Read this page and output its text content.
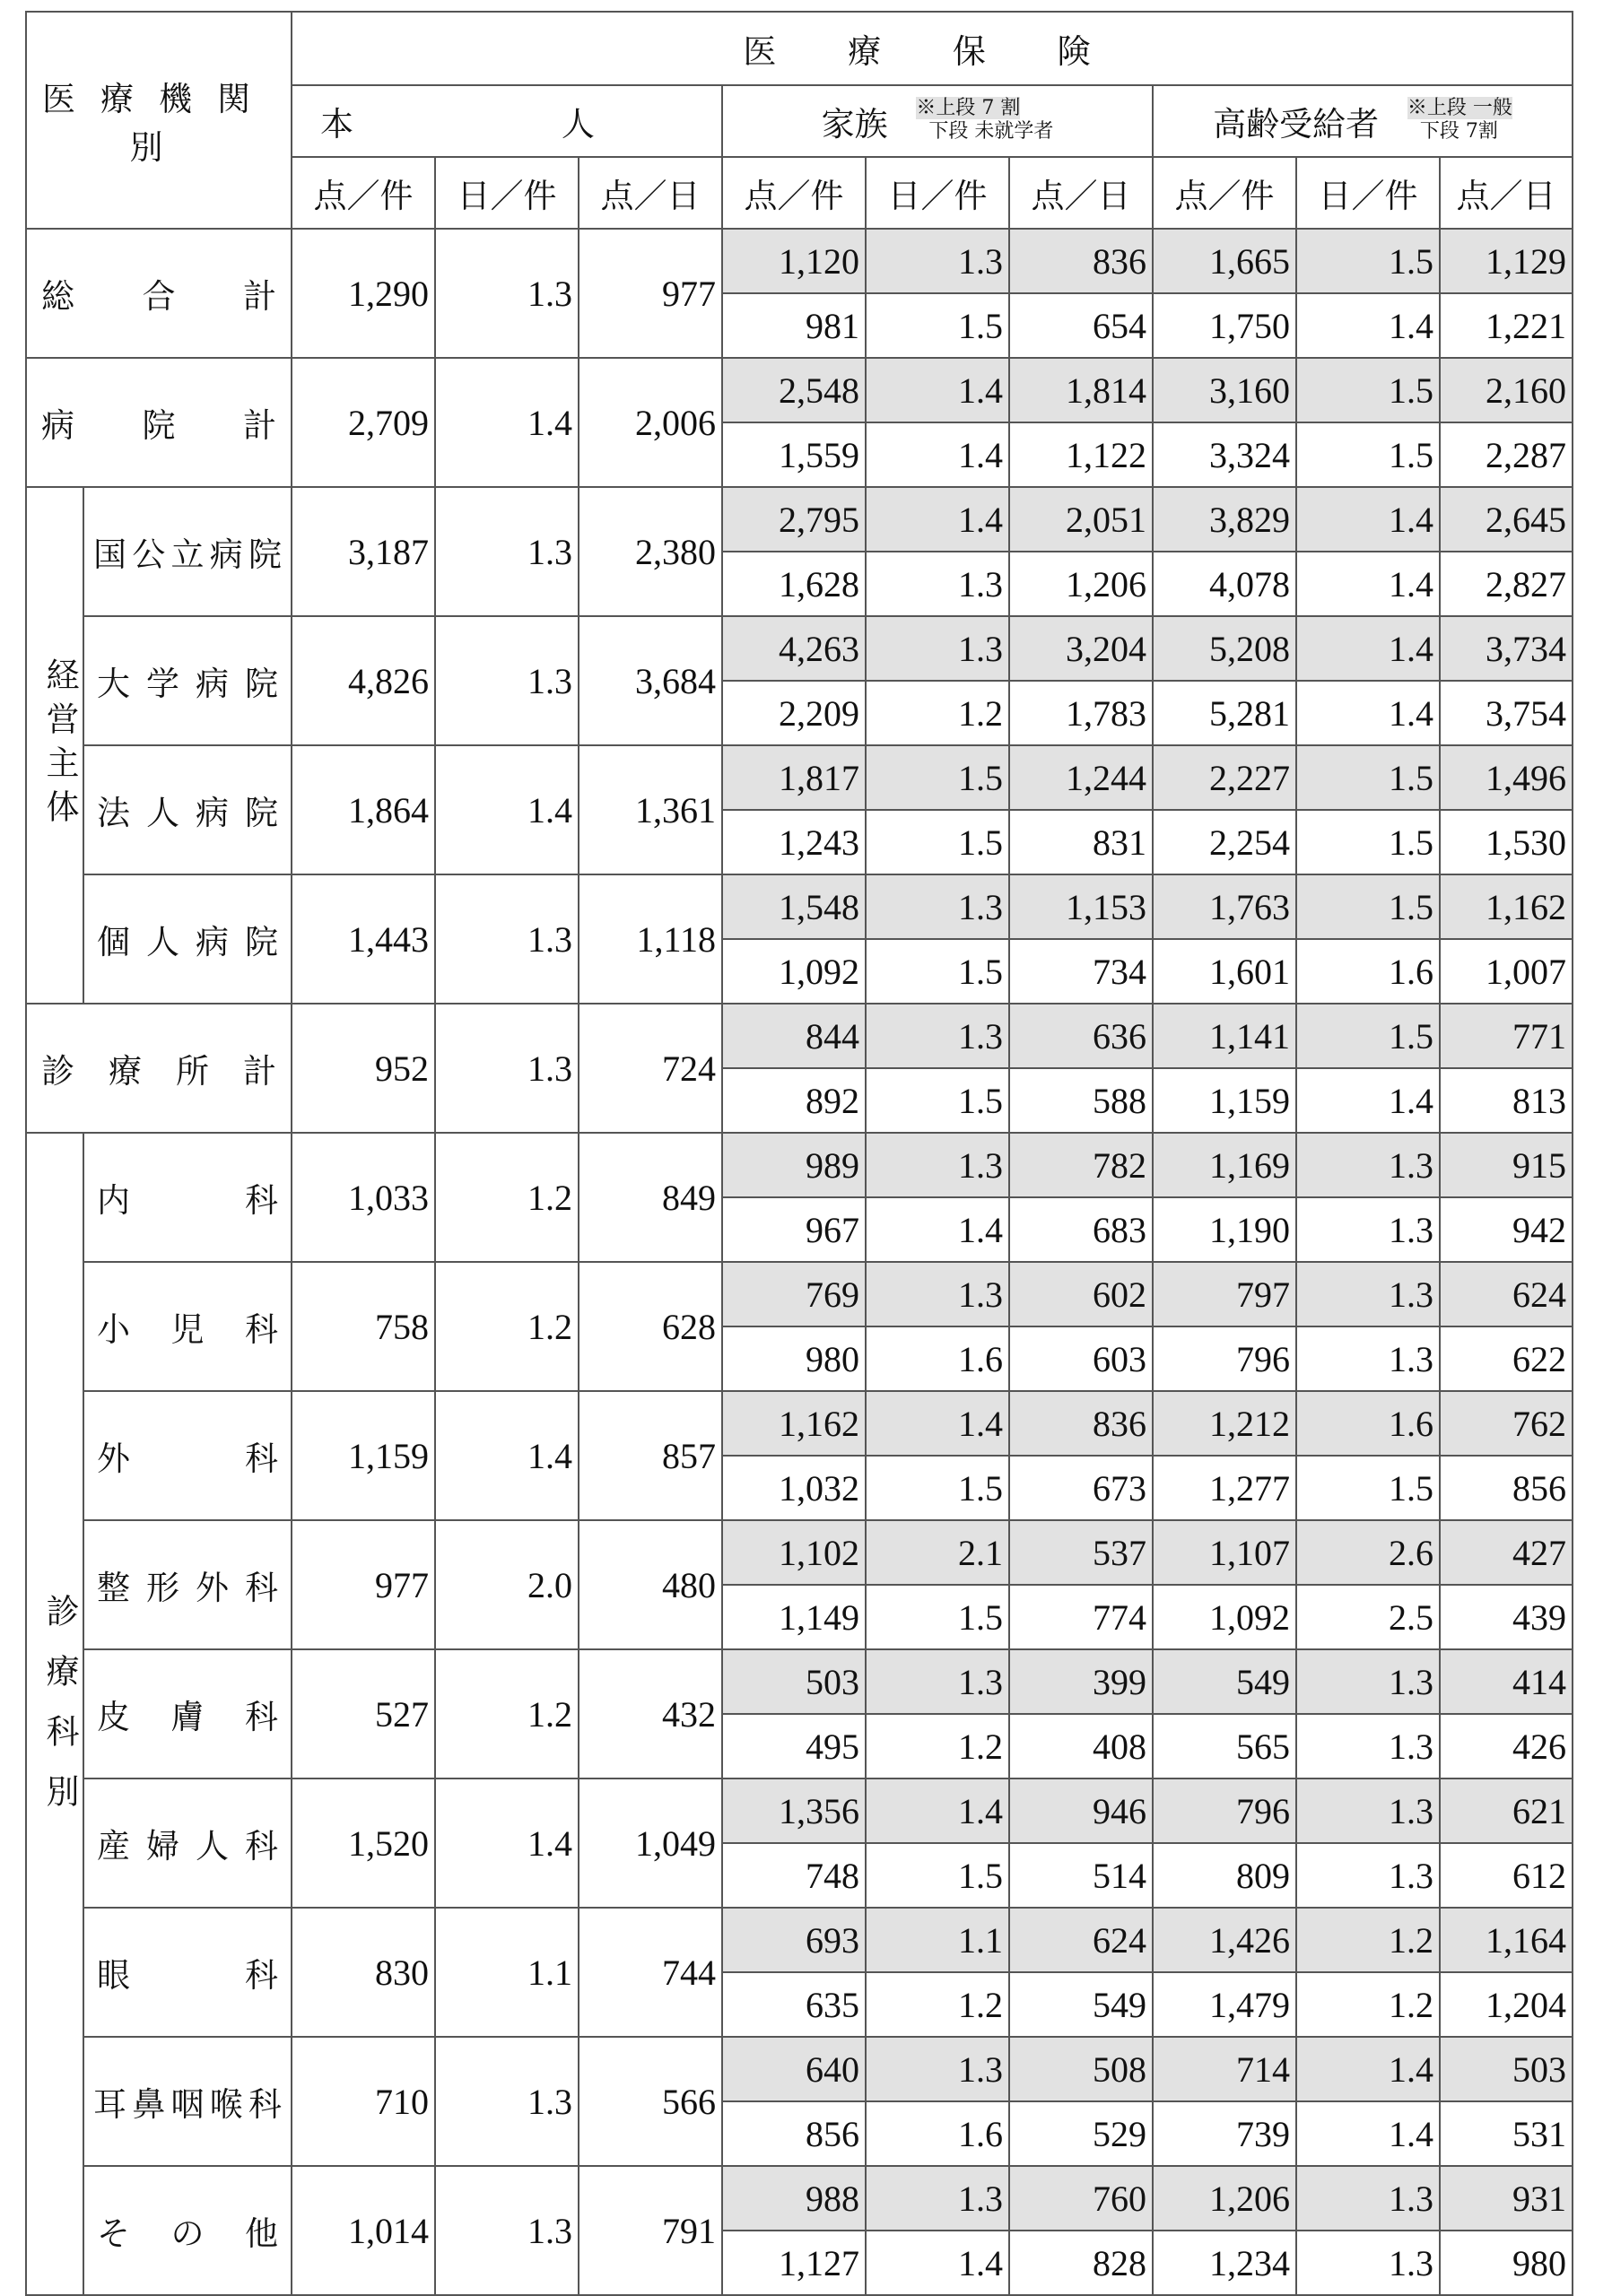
医療機関別		医 療 保 険								
		本 人			家族 ※上段 7 割
下段 未就学者			高齢受給者 ※上段 一般
下段 7割		
		点／件	日／件	点／日	点／件	日／件	点／日	点／件	日／件	点／日
総合計		1,290	1.3	977	1,120	1.3	836	1,665	1.5	1,129
					981	1.5	654	1,750	1.4	1,221
病院計		2,709	1.4	2,006	2,548	1.4	1,814	3,160	1.5	2,160
					1,559	1.4	1,122	3,324	1.5	2,287

経営主体	国公立病院	3,187	1.3	2,380	2,795	1.4	2,051	3,829	1.4	2,645
					1,628	1.3	1,206	4,078	1.4	2,827
	大学病院	4,826	1.3	3,684	4,263	1.3	3,204	5,208	1.4	3,734
					2,209	1.2	1,783	5,281	1.4	3,754
	法人病院	1,864	1.4	1,361	1,817	1.5	1,244	2,227	1.5	1,496
					1,243	1.5	831	2,254	1.5	1,530
	個人病院	1,443	1.3	1,118	1,548	1.3	1,153	1,763	1.5	1,162
					1,092	1.5	734	1,601	1.6	1,007
診療所計		952	1.3	724	844	1.3	636	1,141	1.5	771
					892	1.5	588	1,159	1.4	813

診療科別	内科	1,033	1.2	849	989	1.3	782	1,169	1.3	915
					967	1.4	683	1,190	1.3	942
	小児科	758	1.2	628	769	1.3	602	797	1.3	624
					980	1.6	603	796	1.3	622
	外科	1,159	1.4	857	1,162	1.4	836	1,212	1.6	762
					1,032	1.5	673	1,277	1.5	856
	整形外科	977	2.0	480	1,102	2.1	537	1,107	2.6	427
					1,149	1.5	774	1,092	2.5	439
	皮膚科	527	1.2	432	503	1.3	399	549	1.3	414
					495	1.2	408	565	1.3	426
	産婦人科	1,520	1.4	1,049	1,356	1.4	946	796	1.3	621
					748	1.5	514	809	1.3	612
	眼科	830	1.1	744	693	1.1	624	1,426	1.2	1,164
					635	1.2	549	1,479	1.2	1,204
	耳鼻咽喉科	710	1.3	566	640	1.3	508	714	1.4	503
					856	1.6	529	739	1.4	531
	その他	1,014	1.3	791	988	1.3	760	1,206	1.3	931
					1,127	1.4	828	1,234	1.3	980
